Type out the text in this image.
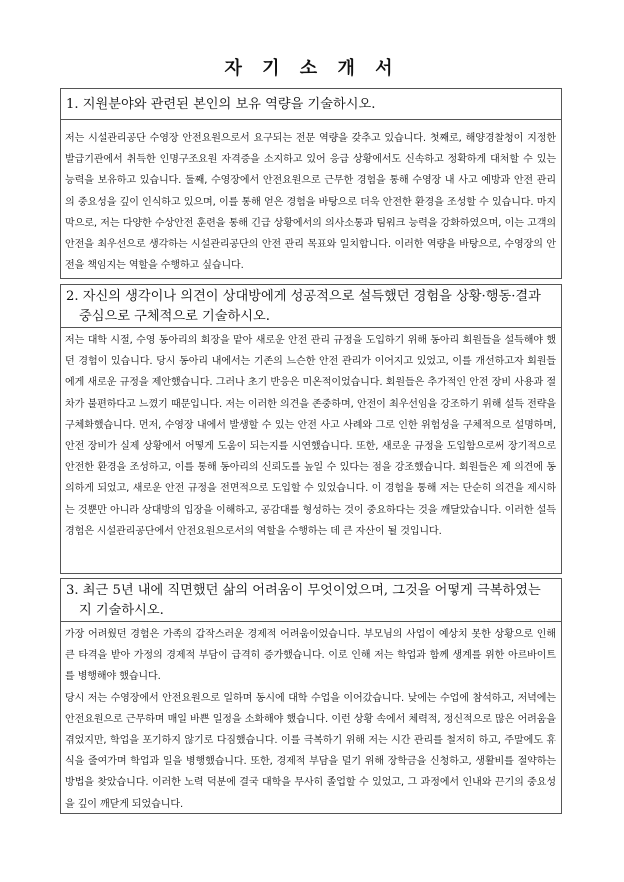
자 기 소 개 서
1. 지원분야와 관련된 본인의 보유 역량을 기술하시오.

저는 시설관리공단 수영장 안전요원으로서 요구되는 전문 역량을 갖추고 있습니다. 첫째로, 해양경찰청이 지정한 발급기관에서 취득한 인명구조요원 자격증을 소지하고 있어 응급 상황에서도 신속하고 정확하게 대처할 수 있는 능력을 보유하고 있습니다. 둘째, 수영장에서 안전요원으로 근무한 경험을 통해 수영장 내 사고 예방과 안전 관리의 중요성을 깊이 인식하고 있으며, 이를 통해 얻은 경험을 바탕으로 더욱 안전한 환경을 조성할 수 있습니다. 마지막으로, 저는 다양한 수상안전 훈련을 통해 긴급 상황에서의 의사소통과 팀워크 능력을 강화하였으며, 이는 고객의 안전을 최우선으로 생각하는 시설관리공단의 안전 관리 목표와 일치합니다. 이러한 역량을 바탕으로, 수영장의 안전을 책임지는 역할을 수행하고 싶습니다.

2. 자신의 생각이나 의견이 상대방에게 성공적으로 설득했던 경험을 상황·행동·결과 중심으로 구체적으로 기술하시오.

저는 대학 시절, 수영 동아리의 회장을 맡아 새로운 안전 관리 규정을 도입하기 위해 동아리 회원들을 설득해야 했던 경험이 있습니다. 당시 동아리 내에서는 기존의 느슨한 안전 관리가 이어지고 있었고, 이를 개선하고자 회원들에게 새로운 규정을 제안했습니다. 그러나 초기 반응은 미온적이었습니다. 회원들은 추가적인 안전 장비 사용과 절차가 불편하다고 느꼈기 때문입니다. 저는 이러한 의견을 존중하며, 안전이 최우선임을 강조하기 위해 설득 전략을 구체화했습니다. 먼저, 수영장 내에서 발생할 수 있는 안전 사고 사례와 그로 인한 위험성을 구체적으로 설명하며, 안전 장비가 실제 상황에서 어떻게 도움이 되는지를 시연했습니다. 또한, 새로운 규정을 도입함으로써 장기적으로 안전한 환경을 조성하고, 이를 통해 동아리의 신뢰도를 높일 수 있다는 점을 강조했습니다. 회원들은 제 의견에 동의하게 되었고, 새로운 안전 규정을 전면적으로 도입할 수 있었습니다. 이 경험을 통해 저는 단순히 의견을 제시하는 것뿐만 아니라 상대방의 입장을 이해하고, 공감대를 형성하는 것이 중요하다는 것을 깨달았습니다. 이러한 설득 경험은 시설관리공단에서 안전요원으로서의 역할을 수행하는 데 큰 자산이 될 것입니다.

3. 최근 5년 내에 직면했던 삶의 어려움이 무엇이었으며, 그것을 어떻게 극복하였는지 기술하시오.

가장 어려웠던 경험은 가족의 갑작스러운 경제적 어려움이었습니다. 부모님의 사업이 예상치 못한 상황으로 인해 큰 타격을 받아 가정의 경제적 부담이 급격히 증가했습니다. 이로 인해 저는 학업과 함께 생계를 위한 아르바이트를 병행해야 했습니다.

당시 저는 수영장에서 안전요원으로 일하며 동시에 대학 수업을 이어갔습니다. 낮에는 수업에 참석하고, 저녁에는 안전요원으로 근무하며 매일 바쁜 일정을 소화해야 했습니다. 이런 상황 속에서 체력적, 정신적으로 많은 어려움을 겪었지만, 학업을 포기하지 않기로 다짐했습니다. 이를 극복하기 위해 저는 시간 관리를 철저히 하고, 주말에도 휴식을 줄여가며 학업과 일을 병행했습니다. 또한, 경제적 부담을 덜기 위해 장학금을 신청하고, 생활비를 절약하는 방법을 찾았습니다. 이러한 노력 덕분에 결국 대학을 무사히 졸업할 수 있었고, 그 과정에서 인내와 끈기의 중요성을 깊이 깨닫게 되었습니다.
